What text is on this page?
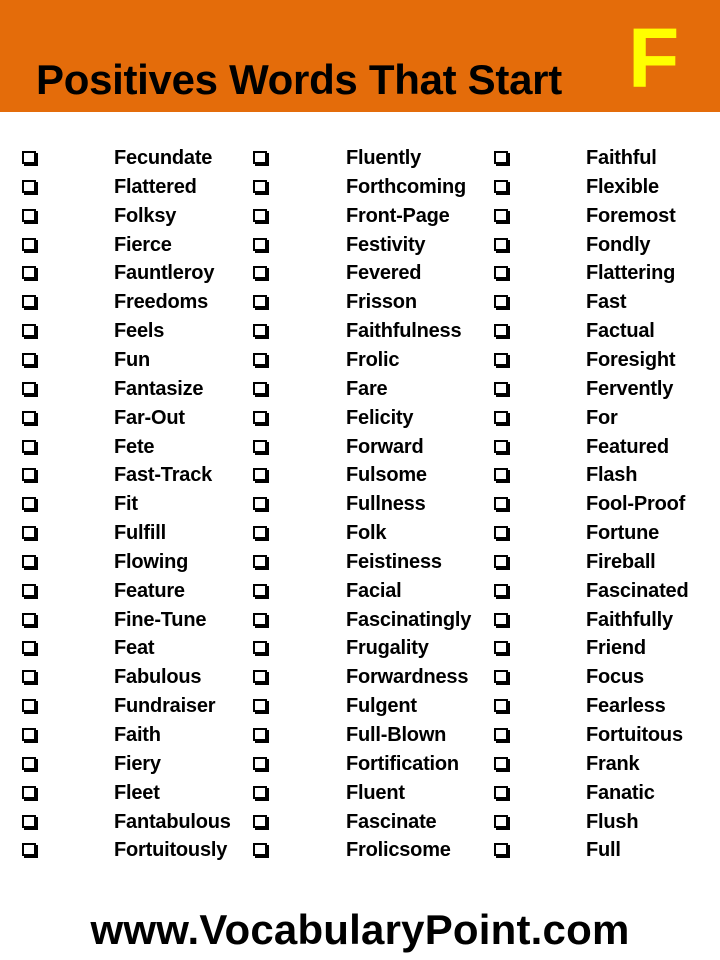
Positives Words That Start F
Fecundate
Flattered
Folksy
Fierce
Fauntleroy
Freedoms
Feels
Fun
Fantasize
Far-Out
Fete
Fast-Track
Fit
Fulfill
Flowing
Feature
Fine-Tune
Feat
Fabulous
Fundraiser
Faith
Fiery
Fleet
Fantabulous
Fortuitously
Fluently
Forthcoming
Front-Page
Festivity
Fevered
Frisson
Faithfulness
Frolic
Fare
Felicity
Forward
Fulsome
Fullness
Folk
Feistiness
Facial
Fascinatingly
Frugality
Forwardness
Fulgent
Full-Blown
Fortification
Fluent
Fascinate
Frolicsome
Faithful
Flexible
Foremost
Fondly
Flattering
Fast
Factual
Foresight
Fervently
For
Featured
Flash
Fool-Proof
Fortune
Fireball
Fascinated
Faithfully
Friend
Focus
Fearless
Fortuitous
Frank
Fanatic
Flush
Full
www.VocabularyPoint.com
